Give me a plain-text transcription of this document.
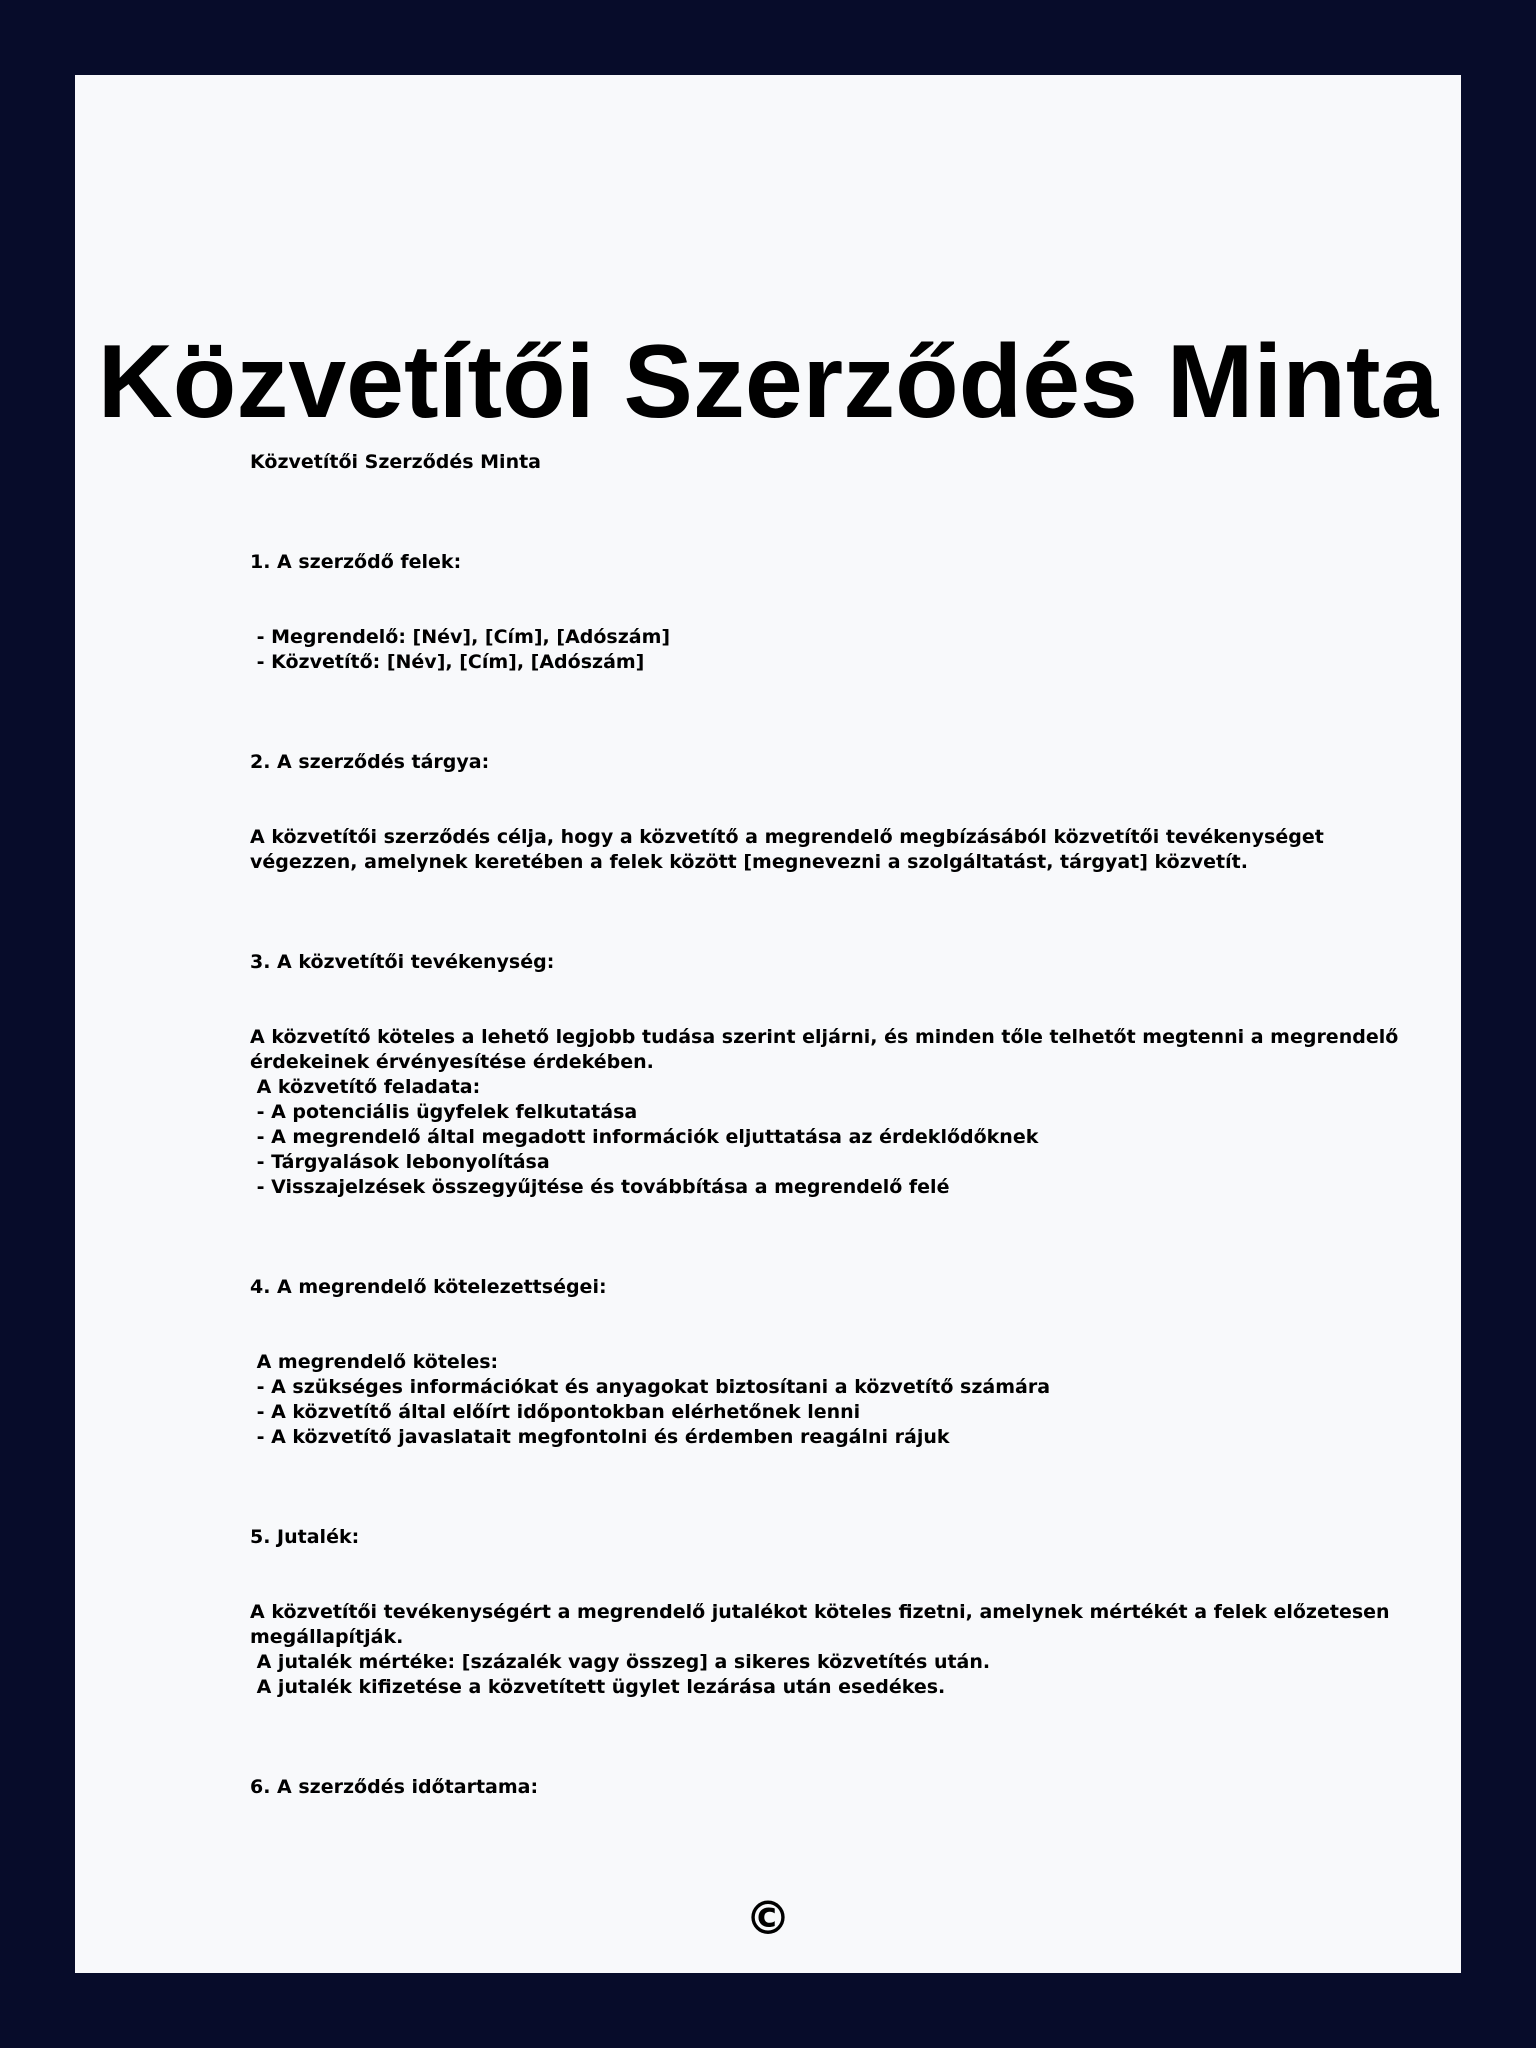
Közvetítői Szerződés Minta
Közvetítői Szerződés Minta
1. A szerződő felek:
- Megrendelő: [Név], [Cím], [Adószám]
- Közvetítő: [Név], [Cím], [Adószám]
2. A szerződés tárgya:
A közvetítői szerződés célja, hogy a közvetítő a megrendelő megbízásából közvetítői tevékenységet
végezzen, amelynek keretében a felek között [megnevezni a szolgáltatást, tárgyat] közvetít.
3. A közvetítői tevékenység:
A közvetítő köteles a lehető legjobb tudása szerint eljárni, és minden tőle telhetőt megtenni a megrendelő
érdekeinek érvényesítése érdekében.
A közvetítő feladata:
- A potenciális ügyfelek felkutatása
- A megrendelő által megadott információk eljuttatása az érdeklődőknek
- Tárgyalások lebonyolítása
- Visszajelzések összegyűjtése és továbbítása a megrendelő felé
4. A megrendelő kötelezettségei:
A megrendelő köteles:
- A szükséges információkat és anyagokat biztosítani a közvetítő számára
- A közvetítő által előírt időpontokban elérhetőnek lenni
- A közvetítő javaslatait megfontolni és érdemben reagálni rájuk
5. Jutalék:
A közvetítői tevékenységért a megrendelő jutalékot köteles fizetni, amelynek mértékét a felek előzetesen
megállapítják.
A jutalék mértéke: [százalék vagy összeg] a sikeres közvetítés után.
A jutalék kifizetése a közvetített ügylet lezárása után esedékes.
6. A szerződés időtartama:
©
